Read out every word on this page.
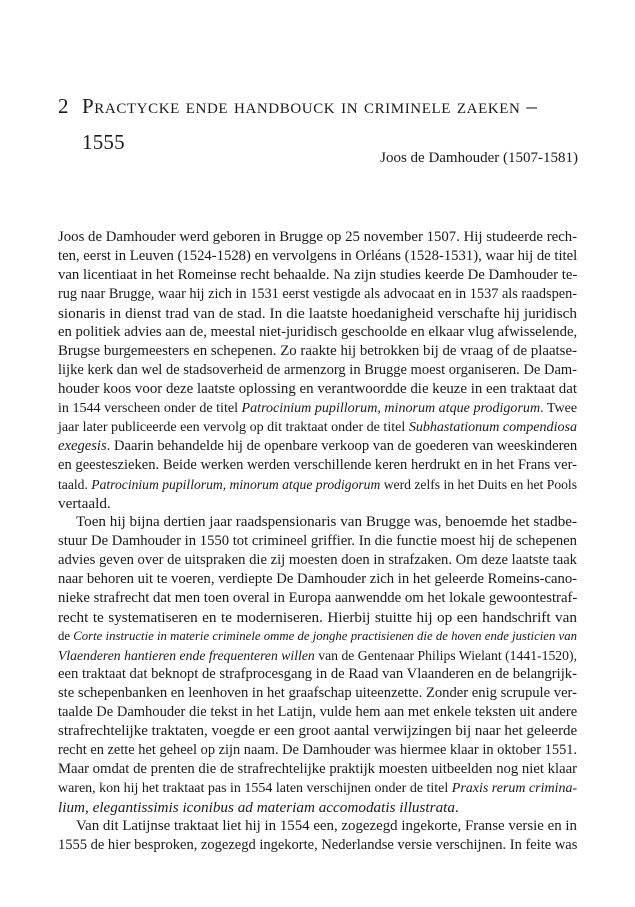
2 Practycke ende handbouck in criminele zaeken –
1555

Joos de Damhouder (1507-1581)

Joos de Damhouder werd geboren in Brugge op 25 november 1507. Hij studeerde rech-
ten, eerst in Leuven (1524-1528) en vervolgens in Orléans (1528-1531), waar hij de titel
van licentiaat in het Romeinse recht behaalde. Na zijn studies keerde De Damhouder te-
rug naar Brugge, waar hij zich in 1531 eerst vestigde als advocaat en in 1537 als raadspen-
sionaris in dienst trad van de stad. In die laatste hoedanigheid verschafte hij juridisch
en politiek advies aan de, meestal niet-juridisch geschoolde en elkaar vlug afwisselende,
Brugse burgemeesters en schepenen. Zo raakte hij betrokken bij de vraag of de plaatse-
lijke kerk dan wel de stadsoverheid de armenzorg in Brugge moest organiseren. De Dam-
houder koos voor deze laatste oplossing en verantwoordde die keuze in een traktaat dat
in 1544 verscheen onder de titel Patrocinium pupillorum, minorum atque prodigorum. Twee
jaar later publiceerde een vervolg op dit traktaat onder de titel Subhastationum compendiosa
exegesis. Daarin behandelde hij de openbare verkoop van de goederen van weeskinderen
en geesteszieken. Beide werken werden verschillende keren herdrukt en in het Frans ver-
taald. Patrocinium pupillorum, minorum atque prodigorum werd zelfs in het Duits en het Pools
vertaald.
Toen hij bijna dertien jaar raadspensionaris van Brugge was, benoemde het stadbe-
stuur De Damhouder in 1550 tot crimineel griffier. In die functie moest hij de schepenen
advies geven over de uitspraken die zij moesten doen in strafzaken. Om deze laatste taak
naar behoren uit te voeren, verdiepte De Damhouder zich in het geleerde Romeins-cano-
nieke strafrecht dat men toen overal in Europa aanwendde om het lokale gewoontestraf-
recht te systematiseren en te moderniseren. Hierbij stuitte hij op een handschrift van
de Corte instructie in materie criminele omme de jonghe practisienen die de hoven ende justicien van
Vlaenderen hantieren ende frequenteren willen van de Gentenaar Philips Wielant (1441-1520),
een traktaat dat beknopt de strafprocesgang in de Raad van Vlaanderen en de belangrijk-
ste schepenbanken en leenhoven in het graafschap uiteenzette. Zonder enig scrupule ver-
taalde De Damhouder die tekst in het Latijn, vulde hem aan met enkele teksten uit andere
strafrechtelijke traktaten, voegde er een groot aantal verwijzingen bij naar het geleerde
recht en zette het geheel op zijn naam. De Damhouder was hiermee klaar in oktober 1551.
Maar omdat de prenten die de strafrechtelijke praktijk moesten uitbeelden nog niet klaar
waren, kon hij het traktaat pas in 1554 laten verschijnen onder de titel Praxis rerum crimina-
lium, elegantissimis iconibus ad materiam accomodatis illustrata.
Van dit Latijnse traktaat liet hij in 1554 een, zogezegd ingekorte, Franse versie en in
1555 de hier besproken, zogezegd ingekorte, Nederlandse versie verschijnen. In feite was
